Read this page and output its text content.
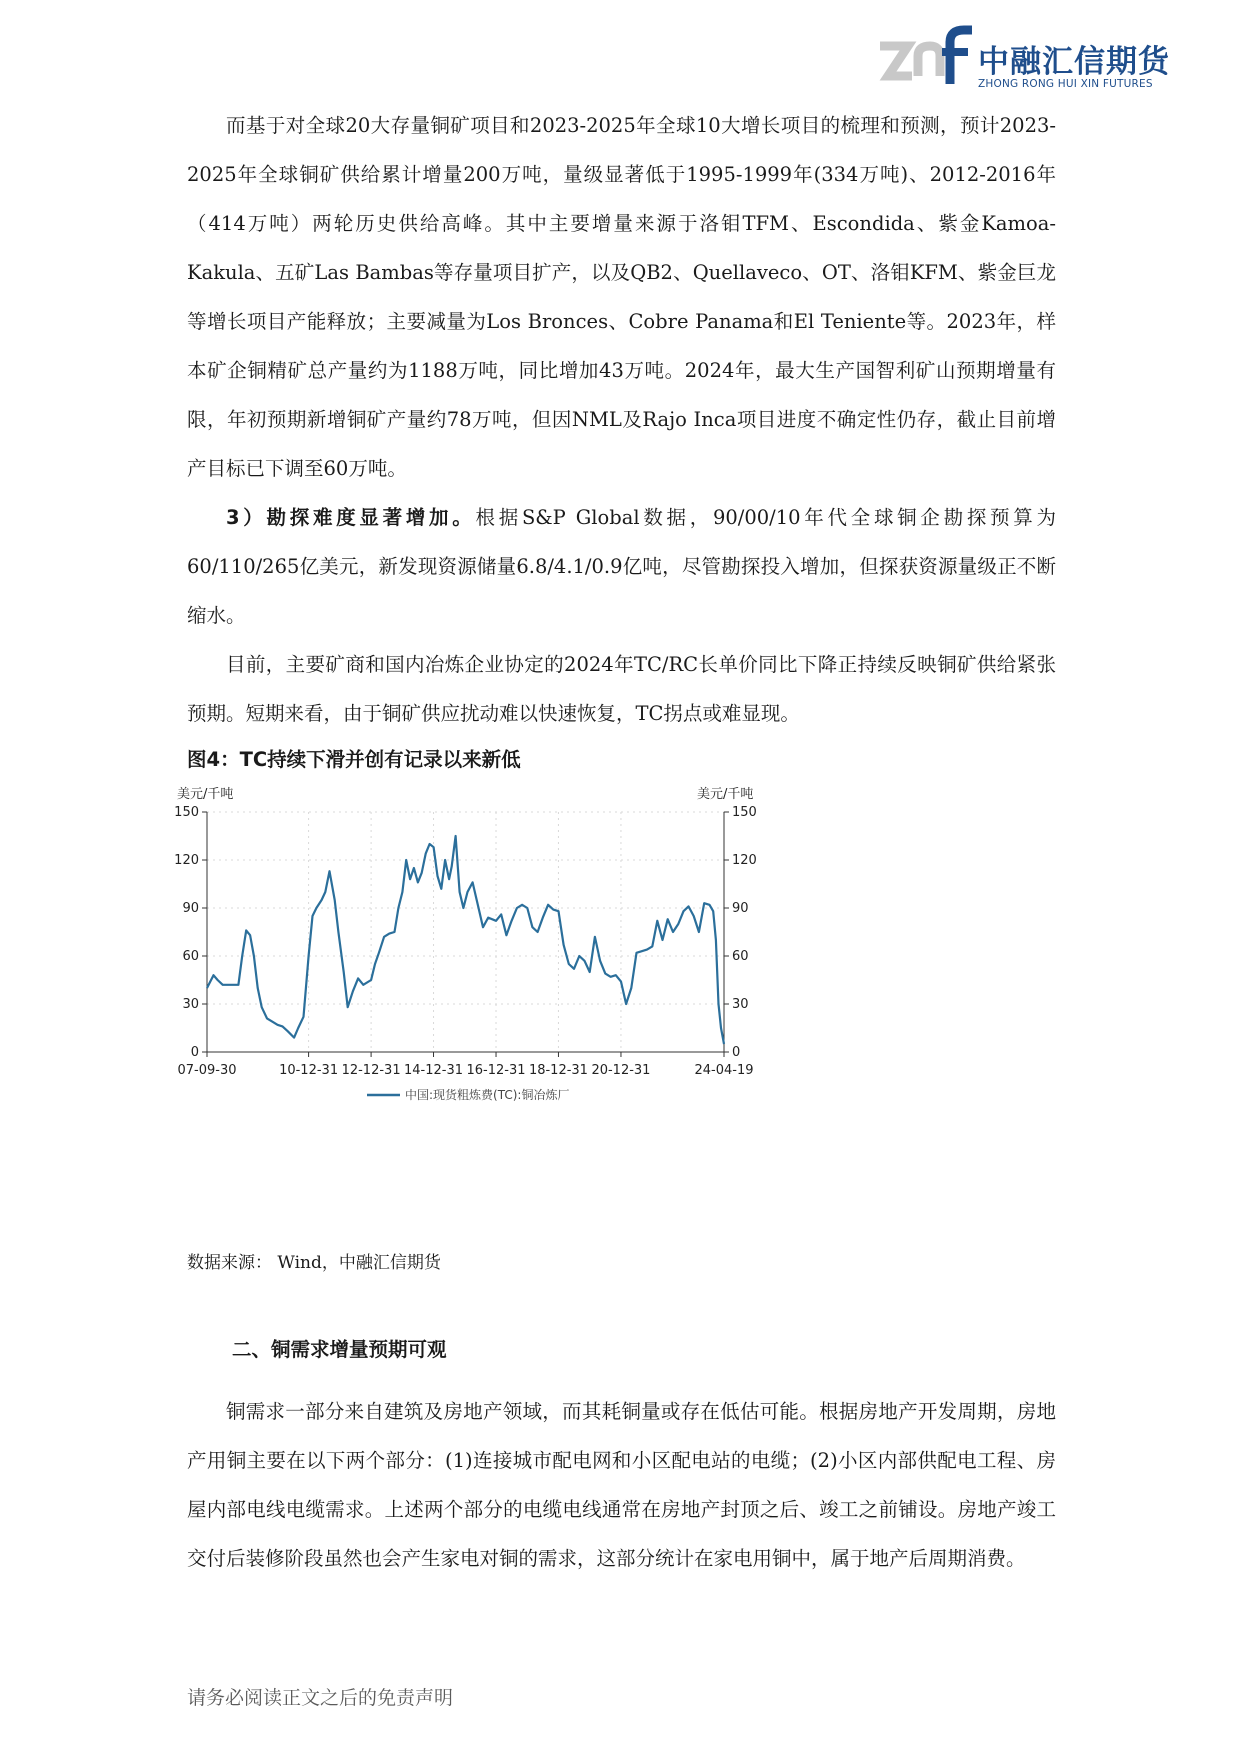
中融汇信期货
ZHONG RONG HUI XIN FUTURES

而基于对全球20大存量铜矿项目和2023-2025年全球10大增长项目的梳理和预测，预计2023-2025年全球铜矿供给累计增量200万吨，量级显著低于1995-1999年(334万吨)、2012-2016年（414万吨）两轮历史供给高峰。其中主要增量来源于洛钼TFM、Escondida、紫金Kamoa-Kakula、五矿Las Bambas等存量项目扩产，以及QB2、Quellaveco、OT、洛钼KFM、紫金巨龙等增长项目产能释放；主要减量为Los Bronces、Cobre Panama和El Teniente等。2023年，样本矿企铜精矿总产量约为1188万吨，同比增加43万吨。2024年，最大生产国智利矿山预期增量有限，年初预期新增铜矿产量约78万吨，但因NML及Rajo Inca项目进度不确定性仍存，截止目前增产目标已下调至60万吨。

3）勘探难度显著增加。根据S&P Global数据，90/00/10年代全球铜企勘探预算为60/110/265亿美元，新发现资源储量6.8/4.1/0.9亿吨，尽管勘探投入增加，但探获资源量级正不断缩水。

目前，主要矿商和国内冶炼企业协定的2024年TC/RC长单价同比下降正持续反映铜矿供给紧张预期。短期来看，由于铜矿供应扰动难以快速恢复，TC拐点或难显现。

图4：TC持续下滑并创有记录以来新低

0	0
30	30
60	60
90	90
120	120
150	150
07-09-30	10-12-31 12-12-31 14-12-31 16-12-31 18-12-31 20-12-31	24-04-19
美元/千吨	美元/千吨
中国:现货粗炼费(TC):铜冶炼厂

数据来源： Wind，中融汇信期货

二、铜需求增量预期可观

铜需求一部分来自建筑及房地产领域，而其耗铜量或存在低估可能。根据房地产开发周期，房地产用铜主要在以下两个部分：(1)连接城市配电网和小区配电站的电缆；(2)小区内部供配电工程、房屋内部电线电缆需求。上述两个部分的电缆电线通常在房地产封顶之后、竣工之前铺设。房地产竣工交付后装修阶段虽然也会产生家电对铜的需求，这部分统计在家电用铜中，属于地产后周期消费。

请务必阅读正文之后的免责声明
